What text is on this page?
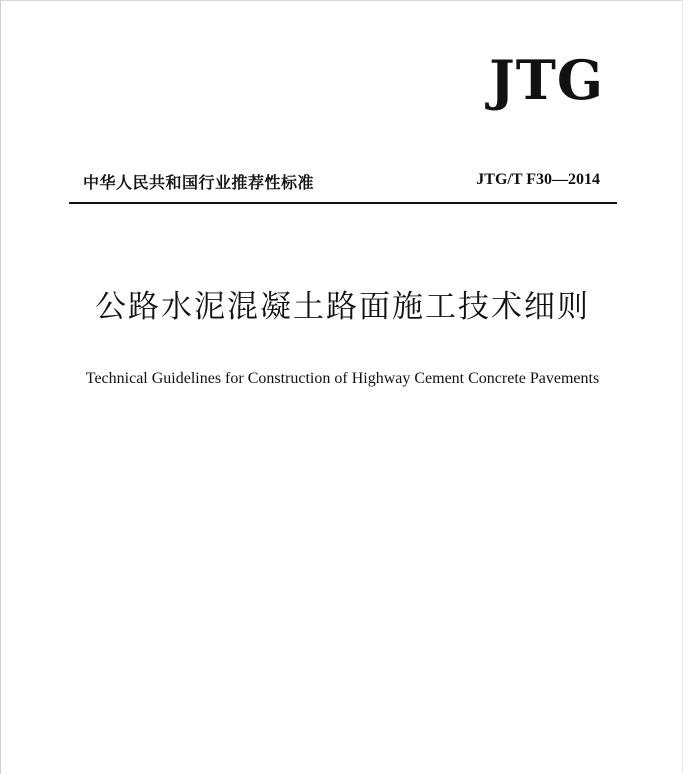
JTG
中华人民共和国行业推荐性标准	JTG/T F30—2014
公路水泥混凝土路面施工技术细则
Technical Guidelines for Construction of Highway Cement Concrete Pavements
